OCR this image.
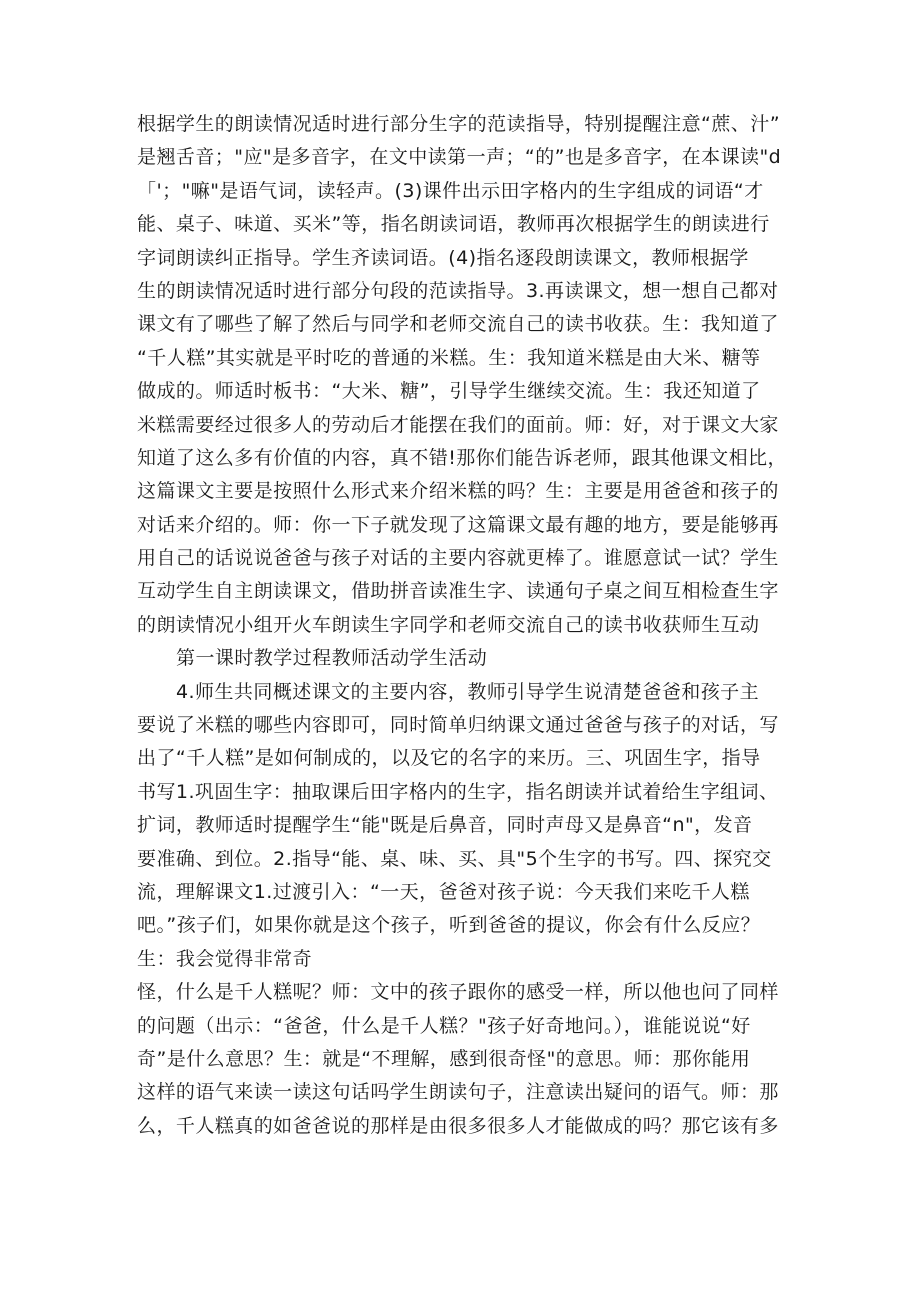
根据学生的朗读情况适时进行部分生字的范读指导，特别提醒注意“蔗、汁”
是翘舌音；"应"是多音字，在文中读第一声；“的”也是多音字，在本课读"d
「'；"嘛"是语气词，读轻声。(3)课件出示田字格内的生字组成的词语“才
能、桌子、味道、买米”等，指名朗读词语，教师再次根据学生的朗读进行
字词朗读纠正指导。学生齐读词语。(4)指名逐段朗读课文，教师根据学
生的朗读情况适时进行部分句段的范读指导。3.再读课文，想一想自己都对
课文有了哪些了解了然后与同学和老师交流自己的读书收获。生：我知道了
“千人糕”其实就是平时吃的普通的米糕。生：我知道米糕是由大米、糖等
做成的。师适时板书：“大米、糖”，引导学生继续交流。生：我还知道了
米糕需要经过很多人的劳动后才能摆在我们的面前。师：好，对于课文大家
知道了这么多有价值的内容，真不错!那你们能告诉老师，跟其他课文相比，
这篇课文主要是按照什么形式来介绍米糕的吗？生：主要是用爸爸和孩子的
对话来介绍的。师：你一下子就发现了这篇课文最有趣的地方，要是能够再
用自己的话说说爸爸与孩子对话的主要内容就更棒了。谁愿意试一试？学生
互动学生自主朗读课文，借助拼音读准生字、读通句子桌之间互相检查生字
的朗读情况小组开火车朗读生字同学和老师交流自己的读书收获师生互动
第一课时教学过程教师活动学生活动
4.师生共同概述课文的主要内容，教师引导学生说清楚爸爸和孩子主
要说了米糕的哪些内容即可，同时简单归纳课文通过爸爸与孩子的对话，写
出了“千人糕”是如何制成的，以及它的名字的来历。三、巩固生字，指导
书写1.巩固生字：抽取课后田字格内的生字，指名朗读并试着给生字组词、
扩词，教师适时提醒学生“能"既是后鼻音，同时声母又是鼻音“n"，发音
要准确、到位。2.指导“能、桌、味、买、具"5个生字的书写。四、探究交
流，理解课文1.过渡引入：“一天，爸爸对孩子说：今天我们来吃千人糕
吧。”孩子们，如果你就是这个孩子，听到爸爸的提议，你会有什么反应？
生：我会觉得非常奇
怪，什么是千人糕呢？师：文中的孩子跟你的感受一样，所以他也问了同样
的问题（出示：“爸爸，什么是千人糕？"孩子好奇地问。），谁能说说“好
奇”是什么意思？生：就是“不理解，感到很奇怪"的意思。师：那你能用
这样的语气来读一读这句话吗学生朗读句子，注意读出疑问的语气。师：那
么，千人糕真的如爸爸说的那样是由很多很多人才能做成的吗？那它该有多
